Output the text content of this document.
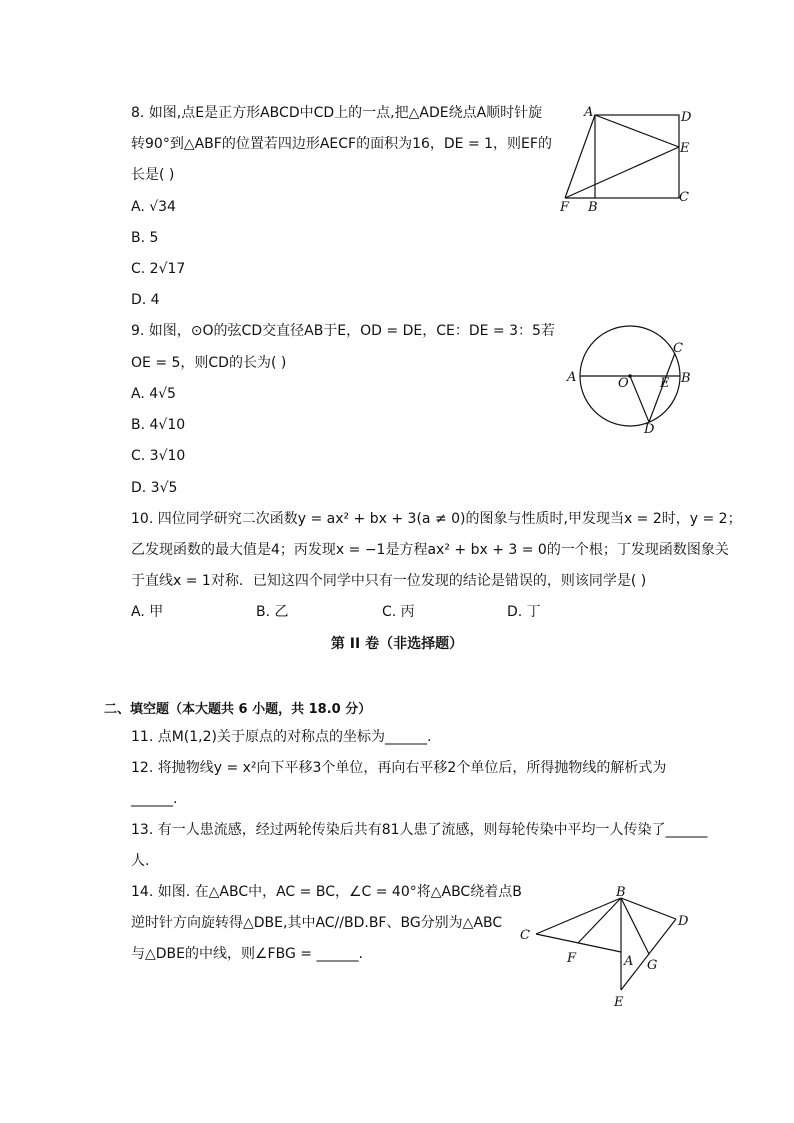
8. 如图,点E是正方形ABCD中CD上的一点,把△ADE绕点A顺时针旋
转90°到△ABF的位置若四边形AECF的面积为16，DE = 1，则EF的
长是( )
A. √34
B. 5
C. 2√17
D. 4
A	D
E
F B
C
9. 如图，⊙O的弦CD交直径AB于E，OD = DE，CE：DE = 3：5若
OE = 5，则CD的长为( )
A. 4√5
B. 4√10
C. 3√10
D. 3√5
A	O E B
C
D
10. 四位同学研究二次函数y = ax² + bx + 3(a ≠ 0)的图象与性质时,甲发现当x = 2时，y = 2；
乙发现函数的最大值是4；丙发现x = −1是方程ax² + bx + 3 = 0的一个根；丁发现函数图象关
于直线x = 1对称．已知这四个同学中只有一位发现的结论是错误的，则该同学是( )
A. 甲	B. 乙	C. 丙	D. 丁
第 II 卷（非选择题）
二、填空题（本大题共 6 小题，共 18.0 分）
11. 点M(1,2)关于原点的对称点的坐标为______.
12. 将抛物线y = x²向下平移3个单位，再向右平移2个单位后，所得抛物线的解析式为
______.
13. 有一人患流感，经过两轮传染后共有81人患了流感，则每轮传染中平均一人传染了______
人.
14. 如图. 在△ABC中，AC = BC，∠C = 40°将△ABC绕着点B
逆时针方向旋转得△DBE,其中AC//BD.BF、BG分别为△ABC
与△DBE的中线，则∠FBG = ______.
B
C
D
F	A G
E
